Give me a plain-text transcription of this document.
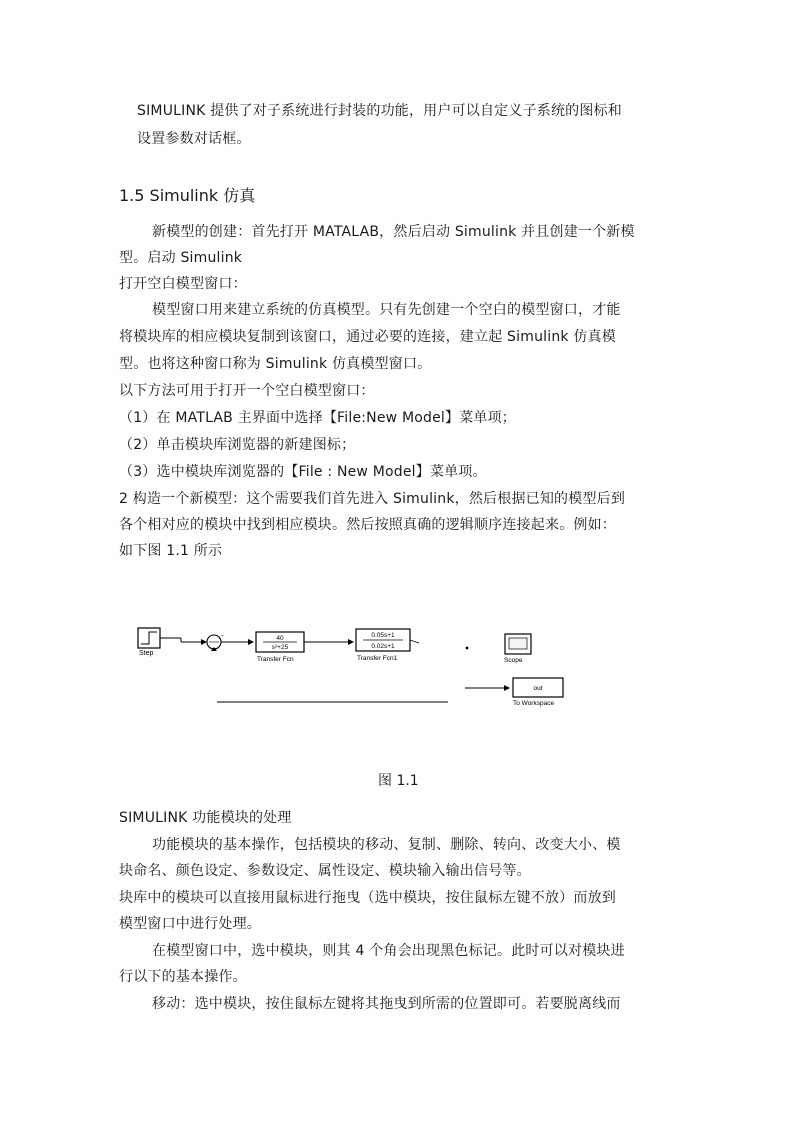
SIMULINK 提供了对子系统进行封装的功能，用户可以自定义子系统的图标和
设置参数对话框。
1.5 Simulink 仿真
新模型的创建：首先打开 MATALAB，然后启动 Simulink 并且创建一个新模
型。启动 Simulink
打开空白模型窗口：
模型窗口用来建立系统的仿真模型。只有先创建一个空白的模型窗口，才能
将模块库的相应模块复制到该窗口，通过必要的连接，建立起 Simulink 仿真模
型。也将这种窗口称为 Simulink 仿真模型窗口。
以下方法可用于打开一个空白模型窗口：
（1）在 MATLAB 主界面中选择【File:New Model】菜单项；
（2）单击模块库浏览器的新建图标；
（3）选中模块库浏览器的【File : New Model】菜单项。
2 构造一个新模型：这个需要我们首先进入 Simulink，然后根据已知的模型后到
各个相对应的模块中找到相应模块。然后按照真确的逻辑顺序连接起来。例如：
如下图 1.1 所示
Step
-	40
s²+25
Transfer Fcn
0.05s+1
0.02s+1
Transfer Fcn1	Scope
out
To Workspace
图 1.1
SIMULINK 功能模块的处理
功能模块的基本操作，包括模块的移动、复制、删除、转向、改变大小、模
块命名、颜色设定、参数设定、属性设定、模块输入输出信号等。
块库中的模块可以直接用鼠标进行拖曳（选中模块，按住鼠标左键不放）而放到
模型窗口中进行处理。
在模型窗口中，选中模块，则其 4 个角会出现黑色标记。此时可以对模块进
行以下的基本操作。
移动：选中模块，按住鼠标左键将其拖曳到所需的位置即可。若要脱离线而
